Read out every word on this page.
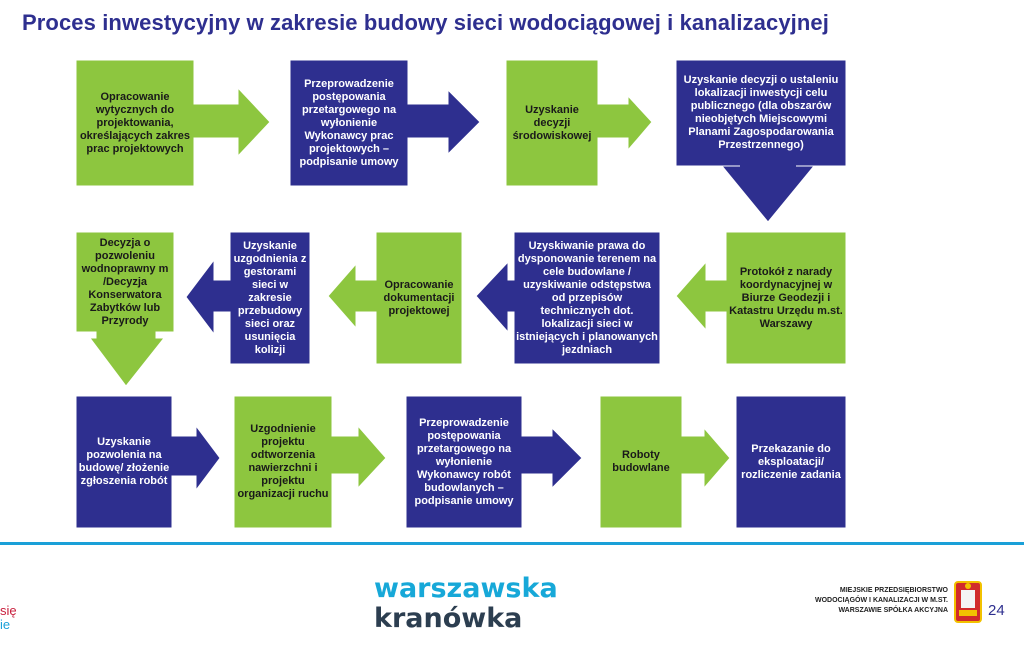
Proces inwestycyjny w zakresie budowy sieci wodociągowej i kanalizacyjnej
Opracowanie wytycznych do projektowania, określających zakres prac projektowych
Przeprowadzenie postępowania przetargowego na wyłonienie Wykonawcy prac projektowych – podpisanie umowy
Uzyskanie decyzji środowiskowej
Uzyskanie decyzji o ustaleniu lokalizacji inwestycji celu publicznego (dla obszarów nieobjętych Miejscowymi Planami Zagospodarowania Przestrzennego)
Protokół z narady koordynacyjnej w Biurze Geodezji i Katastru Urzędu m.st. Warszawy
Uzyskiwanie prawa do dysponowanie terenem na cele budowlane / uzyskiwanie odstępstwa od przepisów technicznych dot. lokalizacji sieci w istniejących i planowanych jezdniach
Opracowanie dokumentacji projektowej
Uzyskanie uzgodnienia z gestorami sieci w zakresie przebudowy sieci oraz usunięcia kolizji
Decyzja o pozwoleniu wodnoprawny m /Decyzja Konserwatora Zabytków lub Przyrody
Uzyskanie pozwolenia na budowę/ złożenie zgłoszenia robót
Uzgodnienie projektu odtworzenia nawierzchni i projektu organizacji ruchu
Przeprowadzenie postępowania przetargowego na wyłonienie Wykonawcy robót budowlanych – podpisanie umowy
Roboty budowlane
Przekazanie do eksploatacji/ rozliczenie zadania
się
ie
warszawska
kranówka
MIEJSKIE PRZEDSIĘBIORSTWO WODOCIĄGÓW I KANALIZACJI W M.ST. WARSZAWIE SPÓŁKA AKCYJNA	24
